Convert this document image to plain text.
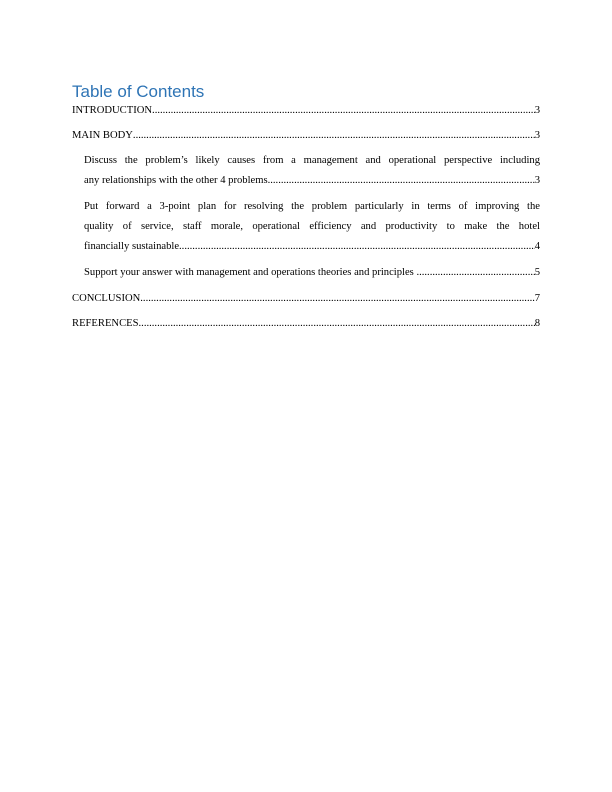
Table of Contents
INTRODUCTION .....	3
MAIN BODY .....	3
Discuss the problem’s likely causes from a management and operational perspective including
any relationships with the other 4 problems .....	3
Put forward a 3-point plan for resolving the problem particularly in terms of improving the
quality of service, staff morale, operational efficiency and productivity to make the hotel
financially sustainable .....	4
Support your answer with management and operations theories and principles .....	5
CONCLUSION .....	7
REFERENCES .....	8
